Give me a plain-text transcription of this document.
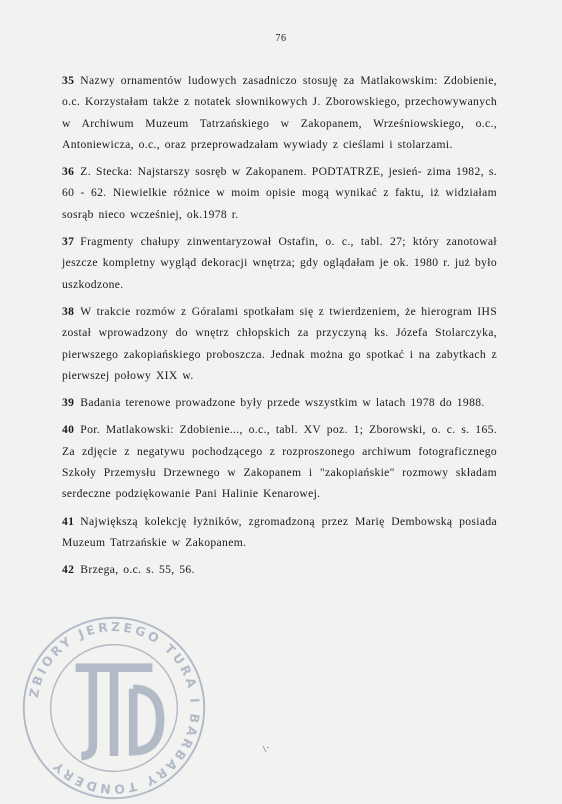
76

35 Nazwy ornamentów ludowych zasadniczo stosuję za Matlakowskim: Zdobienie, o.c. Korzystałam także z notatek słownikowych J. Zborowskiego, przechowywanych w Archiwum Muzeum Tatrzańskiego w Zakopanem, Wrześniowskiego, o.c., Antoniewicza, o.c., oraz przeprowadzałam wywiady z cieślami i stolarzami.

36 Z. Stecka: Najstarszy sosręb w Zakopanem. PODTATRZE, jesień- zima 1982, s. 60 - 62. Niewielkie różnice w moim opisie mogą wynikać z faktu, iż widziałam sosrąb nieco wcześniej, ok.1978 r.

37 Fragmenty chałupy zinwentaryzował Ostafin, o. c., tabl. 27; który zanotował jeszcze kompletny wygląd dekoracji wnętrza; gdy oglądałam je ok. 1980 r. już było uszkodzone.

38 W trakcie rozmów z Góralami spotkałam się z twierdzeniem, że hierogram IHS został wprowadzony do wnętrz chłopskich za przyczyną ks. Józefa Stolarczyka, pierwszego zakopiańskiego proboszcza. Jednak można go spotkać i na zabytkach z pierwszej połowy XIX w.

39 Badania terenowe prowadzone były przede wszystkim w latach 1978 do 1988.

40 Por. Matlakowski: Zdobienie..., o.c., tabl. XV poz. 1; Zborowski, o. c. s. 165. Za zdjęcie z negatywu pochodzącego z rozproszonego archiwum fotograficznego Szkoły Przemysłu Drzewnego w Zakopanem i "zakopiańskie" rozmowy składam serdeczne podziękowanie Pani Halinie Kenarowej.

41 Największą kolekcję łyżników, zgromadzoną przez Marię Dembowską posiada Muzeum Tatrzańskie w Zakopanem.

42 Brzega, o.c. s. 55, 56.

ZBIORY JERZEGO TURA I BARBARY TONDERY
